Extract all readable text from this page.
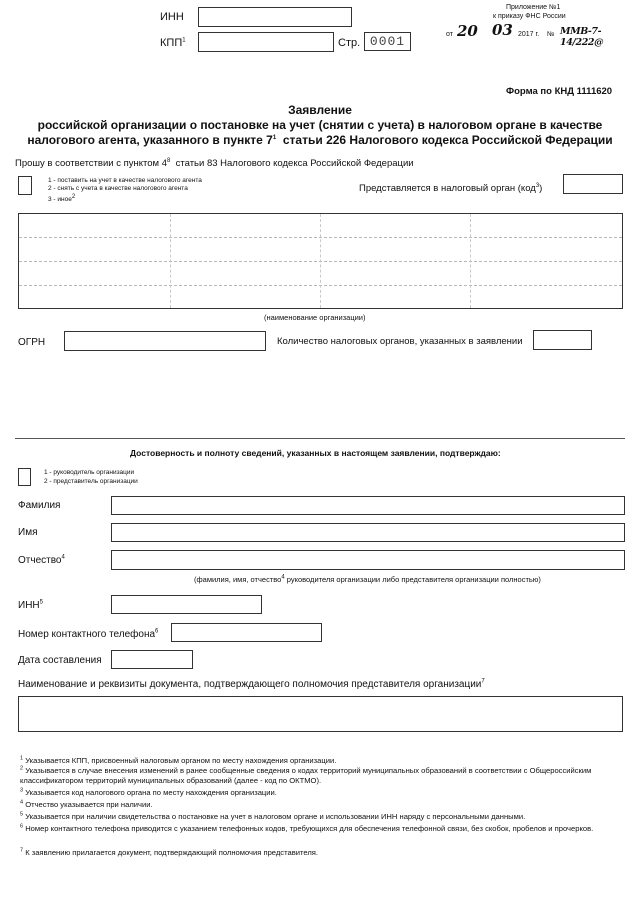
ИНН
КПП$^1$	Стр. 0001
Приложение №1
к приказу ФНС России
от 20 03 2017 г. № ММВ-7-14/222@
Форма по КНД 1111620
Заявление
российской организации о постановке на учет (снятии с учета) в налоговом органе в качестве
налогового агента, указанного в пункте $7^1$ статьи 226 Налогового кодекса Российской Федерации
Прошу в соответствии с пунктом $4^8$ статьи 83 Налогового кодекса Российской Федерации
1 - поставить на учет в качестве налогового агента
2 - снять с учета в качестве налогового агента
3 - иное$^2$
Представляется в налоговый орган (код$^3$)
(наименование организации)
ОГРН	Количество налоговых органов, указанных в заявлении
Достоверность и полноту сведений, указанных в настоящем заявлении, подтверждаю:
1 - руководитель организации
2 - представитель организации
Фамилия
Имя
Отчество$^4$
(фамилия, имя, отчество$^4$ руководителя организации либо представителя организации полностью)
ИНН$^5$
Номер контактного телефона$^6$
Дата составления
Наименование и реквизиты документа, подтверждающего полномочия представителя организации$^7$
$^1$ Указывается КПП, присвоенный налоговым органом по месту нахождения организации.
$^2$ Указывается в случае внесения изменений в ранее сообщенные сведения о кодах территорий муниципальных образований в соответствии с Общероссийским классификатором территорий муниципальных образований (далее - код по ОКТМО).
$^3$ Указывается код налогового органа по месту нахождения организации.
$^4$ Отчество указывается при наличии.
$^5$ Указывается при наличии свидетельства о постановке на учет в налоговом органе и использовании ИНН наряду с персональными данными.
$^6$ Номер контактного телефона приводится с указанием телефонных кодов, требующихся для обеспечения телефонной связи, без скобок, пробелов и прочерков.
$^7$ К заявлению прилагается документ, подтверждающий полномочия представителя.
